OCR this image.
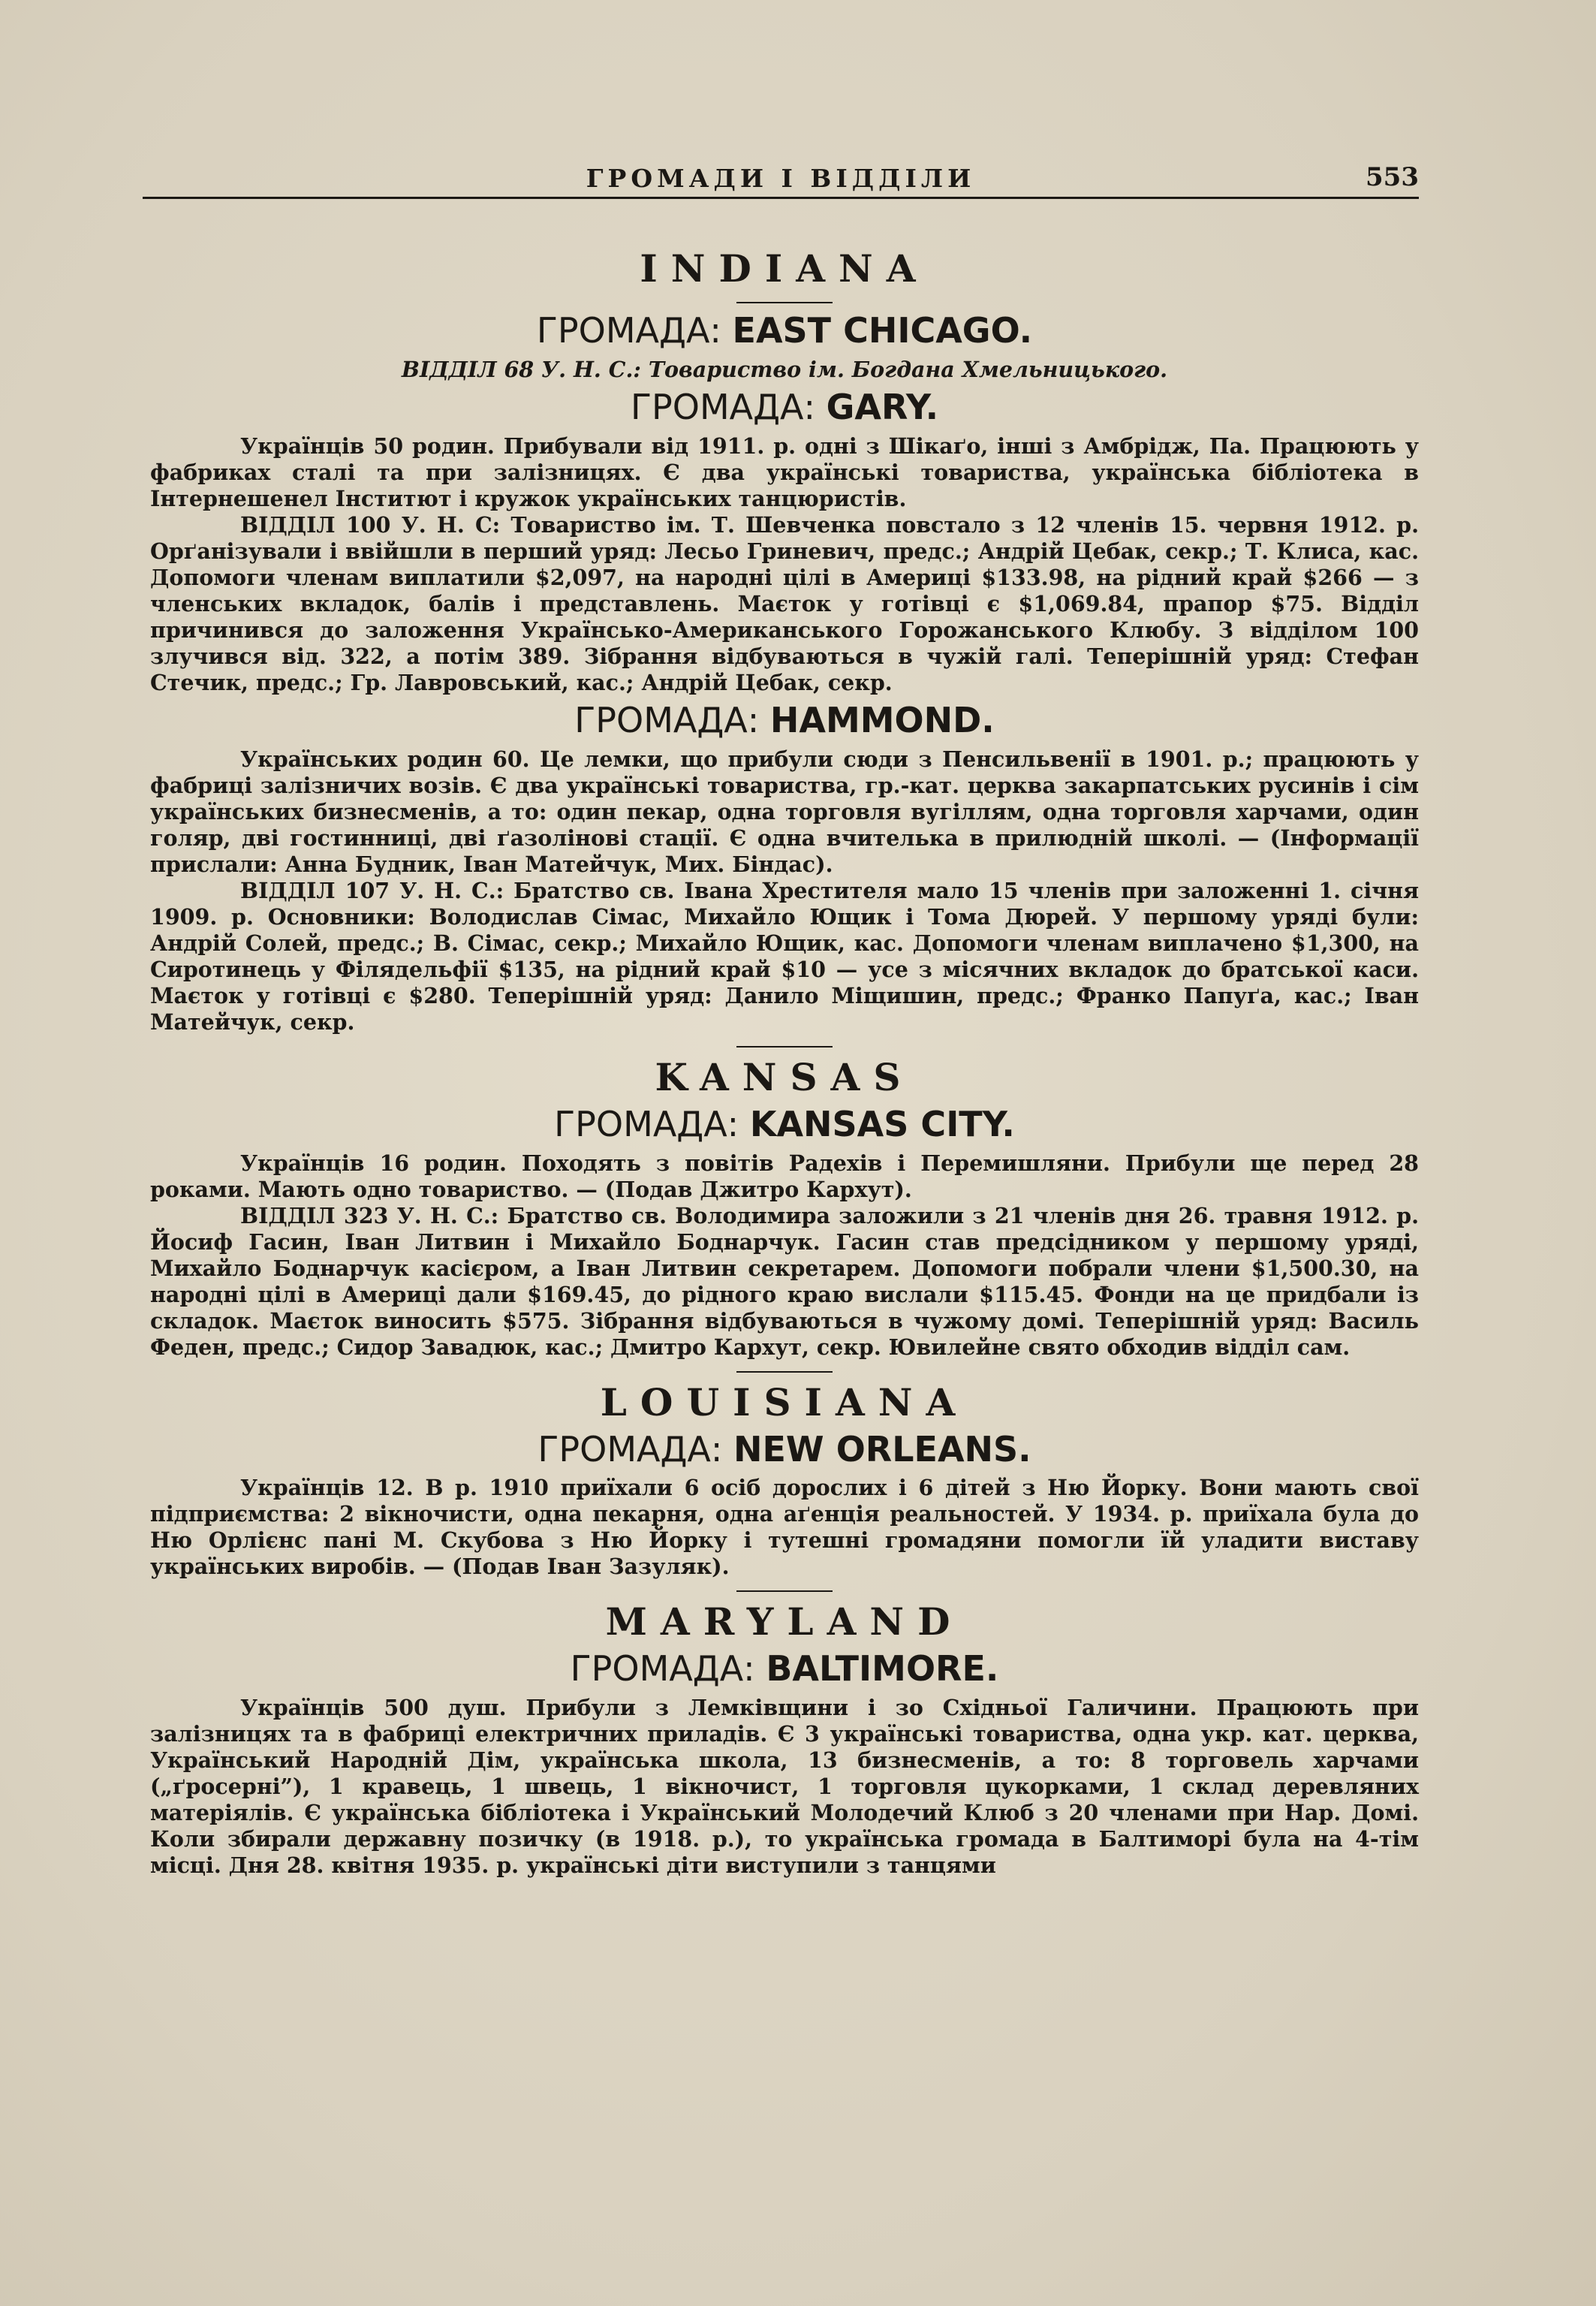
ГРОМАДИ І ВІДДІЛИ	553
INDIANA
ГРОМАДА: EAST CHICAGO.

ВІДДІЛ 68 У. Н. С.: Товариство ім. Богдана Хмельницького.

ГРОМАДА: GARY.

Українців 50 родин. Прибували від 1911. р. одні з Шікаґо, інші з Амбрідж, Па. Працюють у фабриках сталі та при залізницях. Є два українські товариства, українська бібліотека в Інтернешенел Інститют і кружок українських танцюристів.

ВІДДІЛ 100 У. Н. С: Товариство ім. Т. Шевченка повстало з 12 членів 15. червня 1912. р. Орґанізували і ввійшли в перший уряд: Лесьо Гриневич, предс.; Андрій Цебак, секр.; Т. Клиса, кас. Допомоги членам виплатили $2,097, на народні цілі в Америці $133.98, на рідний край $266 — з членських вкладок, балів і представлень. Маєток у готівці є $1,069.84, прапор $75. Відділ причинився до заложення Українсько-Американського Горожанського Клюбу. З відділом 100 злучився від. 322, а потім 389. Зібрання відбуваються в чужій галі. Теперішній уряд: Стефан Стечик, предс.; Гр. Лавровський, кас.; Андрій Цебак, секр.

ГРОМАДА: HAMMOND.

Українських родин 60. Це лемки, що прибули сюди з Пенсильвенії в 1901. р.; працюють у фабриці залізничих возів. Є два українські товариства, гр.-кат. церква закарпатських русинів і сім українських бизнесменів, а то: один пекар, одна торговля вугіллям, одна торговля харчами, один голяр, дві гостинниці, дві ґазолінові стації. Є одна вчителька в прилюдній школі. — (Інформації прислали: Анна Будник, Іван Матейчук, Мих. Біндас).

ВІДДІЛ 107 У. Н. С.: Братство св. Івана Хрестителя мало 15 членів при заложенні 1. січня 1909. р. Основники: Володислав Сімас, Михайло Ющик і Тома Дюрей. У першому уряді були: Андрій Солей, предс.; В. Сімас, секр.; Михайло Ющик, кас. Допомоги членам виплачено $1,300, на Сиротинець у Філядельфії $135, на рідний край $10 — усе з місячних вкладок до братської каси. Маєток у готівці є $280. Теперішній уряд: Данило Міщишин, предс.; Франко Папуґа, кас.; Іван Матейчук, секр.

KANSAS
ГРОМАДА: KANSAS CITY.

Українців 16 родин. Походять з повітів Радехів і Перемишляни. Прибули ще перед 28 роками. Мають одно товариство. — (Подав Джитро Кархут).

ВІДДІЛ 323 У. Н. С.: Братство св. Володимира заложили з 21 членів дня 26. травня 1912. р. Йосиф Гасин, Іван Литвин і Михайло Боднарчук. Гасин став предсідником у першому уряді, Михайло Боднарчук касієром, а Іван Литвин секретарем. Допомоги побрали члени $1,500.30, на народні цілі в Америці дали $169.45, до рідного краю вислали $115.45. Фонди на це придбали із складок. Маєток виносить $575. Зібрання відбуваються в чужому домі. Теперішній уряд: Василь Феден, предс.; Сидор Завадюк, кас.; Дмитро Кархут, секр. Ювилейне свято обходив відділ сам.

LOUISIANA
ГРОМАДА: NEW ORLEANS.

Українців 12. В р. 1910 приїхали 6 осіб дорослих і 6 дітей з Ню Йорку. Вони мають свої підприємства: 2 вікночисти, одна пекарня, одна аґенція реальностей. У 1934. р. приїхала була до Ню Орлієнс пані М. Скубова з Ню Йорку і тутешні громадяни помогли їй уладити виставу українських виробів. — (Подав Іван Зазуляк).

MARYLAND
ГРОМАДА: BALTIMORE.

Українців 500 душ. Прибули з Лемківщини і зо Східньої Галичини. Працюють при залізницях та в фабриці електричних приладів. Є 3 українські товариства, одна укр. кат. церква, Український Народній Дім, українська школа, 13 бизнесменів, а то: 8 торговель харчами („ґросерні”), 1 кравець, 1 швець, 1 вікночист, 1 торговля цукорками, 1 склад деревляних матеріялів. Є українська бібліотека і Український Молодечий Клюб з 20 членами при Нар. Домі. Коли збирали державну позичку (в 1918. р.), то українська громада в Балтиморі була на 4-тім місці. Дня 28. квітня 1935. р. українські діти виступили з танцями
